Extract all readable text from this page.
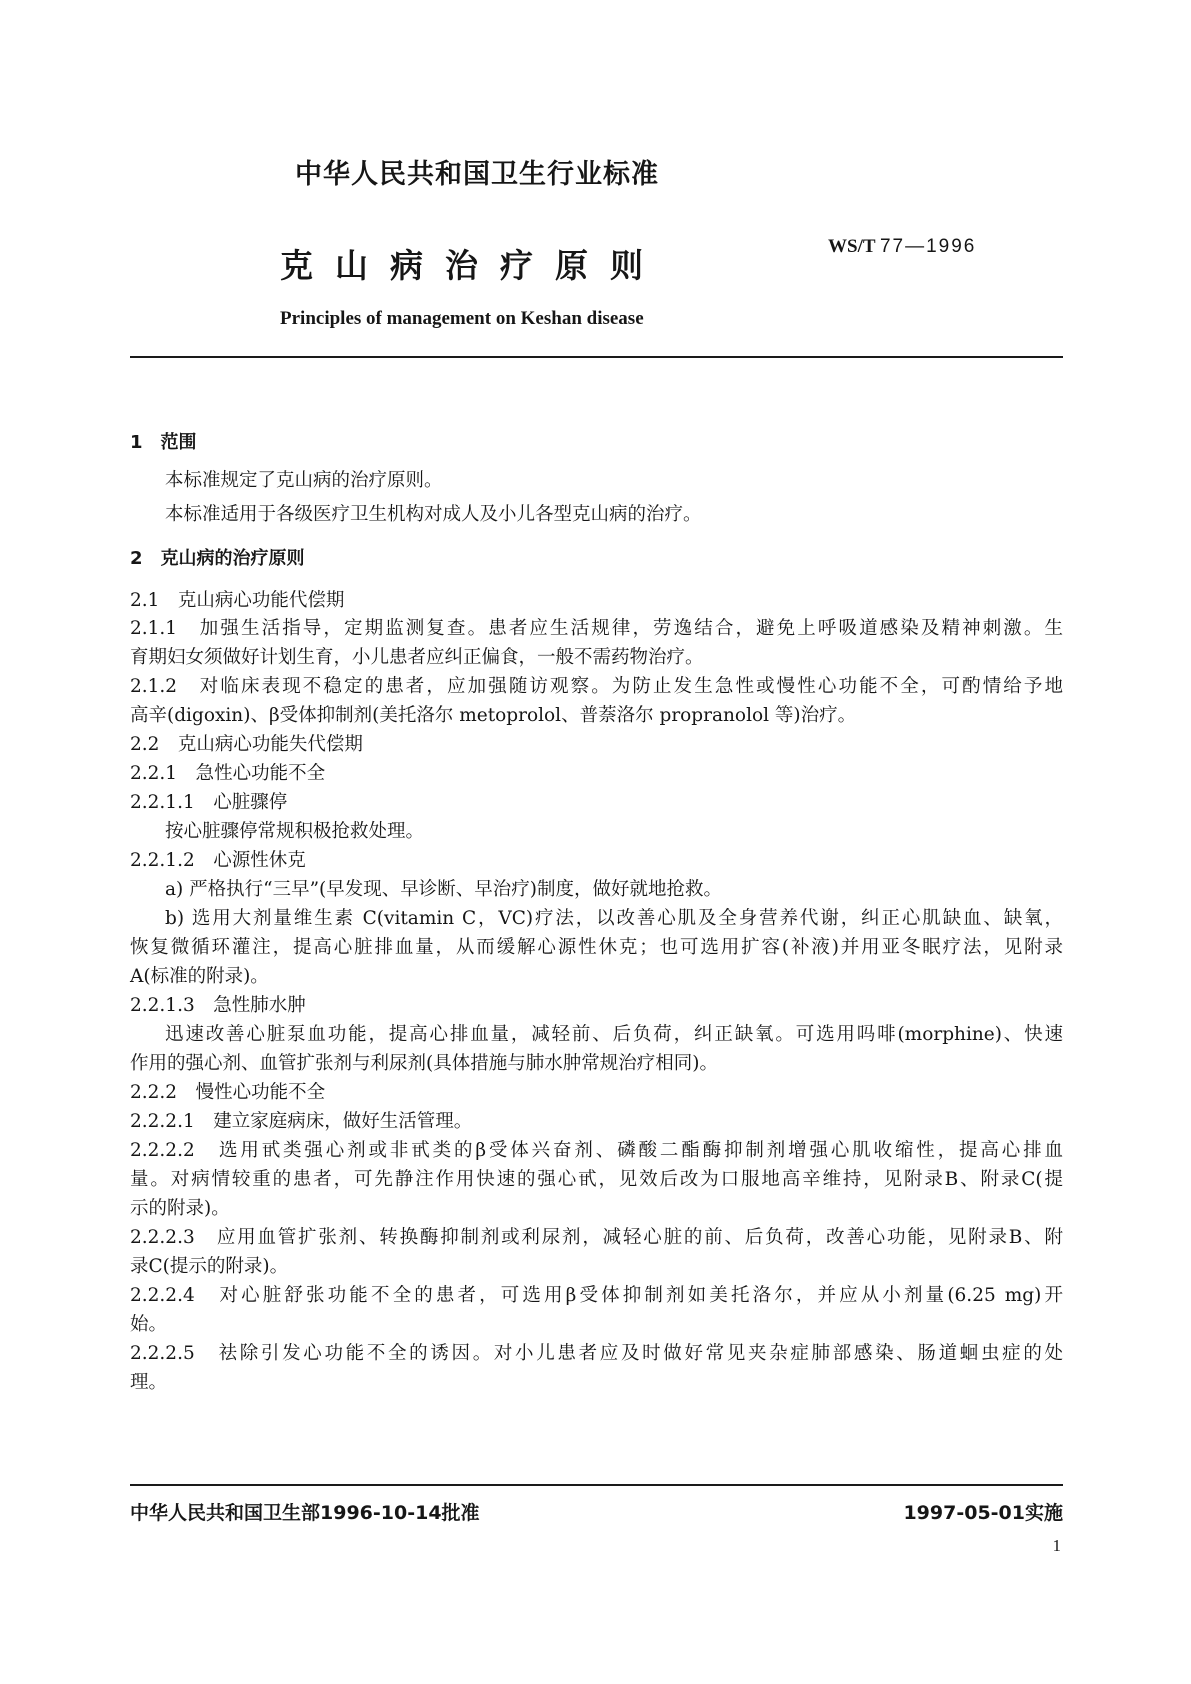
中华人民共和国卫生行业标准
克山病治疗原则	WS/T 77—1996
Principles of management on Keshan disease
1　范围
本标准规定了克山病的治疗原则。
本标准适用于各级医疗卫生机构对成人及小儿各型克山病的治疗。
2　克山病的治疗原则
2.1　克山病心功能代偿期
2.1.1　加强生活指导，定期监测复查。患者应生活规律，劳逸结合，避免上呼吸道感染及精神刺激。生
育期妇女须做好计划生育，小儿患者应纠正偏食，一般不需药物治疗。
2.1.2　对临床表现不稳定的患者，应加强随访观察。为防止发生急性或慢性心功能不全，可酌情给予地
高辛(digoxin)、β受体抑制剂(美托洛尔 metoprolol、普萘洛尔 propranolol 等)治疗。
2.2　克山病心功能失代偿期
2.2.1　急性心功能不全
2.2.1.1　心脏骤停
按心脏骤停常规积极抢救处理。
2.2.1.2　心源性休克
a) 严格执行“三早”(早发现、早诊断、早治疗)制度，做好就地抢救。
b) 选用大剂量维生素 C(vitamin C，VC)疗法，以改善心肌及全身营养代谢，纠正心肌缺血、缺氧，
恢复微循环灌注，提高心脏排血量，从而缓解心源性休克；也可选用扩容(补液)并用亚冬眠疗法，见附录
A(标准的附录)。
2.2.1.3　急性肺水肿
迅速改善心脏泵血功能，提高心排血量，减轻前、后负荷，纠正缺氧。可选用吗啡(morphine)、快速
作用的强心剂、血管扩张剂与利尿剂(具体措施与肺水肿常规治疗相同)。
2.2.2　慢性心功能不全
2.2.2.1　建立家庭病床，做好生活管理。
2.2.2.2　选用甙类强心剂或非甙类的β受体兴奋剂、磷酸二酯酶抑制剂增强心肌收缩性，提高心排血
量。对病情较重的患者，可先静注作用快速的强心甙，见效后改为口服地高辛维持，见附录B、附录C(提
示的附录)。
2.2.2.3　应用血管扩张剂、转换酶抑制剂或利尿剂，减轻心脏的前、后负荷，改善心功能，见附录B、附
录C(提示的附录)。
2.2.2.4　对心脏舒张功能不全的患者，可选用β受体抑制剂如美托洛尔，并应从小剂量(6.25 mg)开
始。
2.2.2.5　祛除引发心功能不全的诱因。对小儿患者应及时做好常见夹杂症肺部感染、肠道蛔虫症的处
理。
中华人民共和国卫生部1996-10-14批准	1997-05-01实施
1
